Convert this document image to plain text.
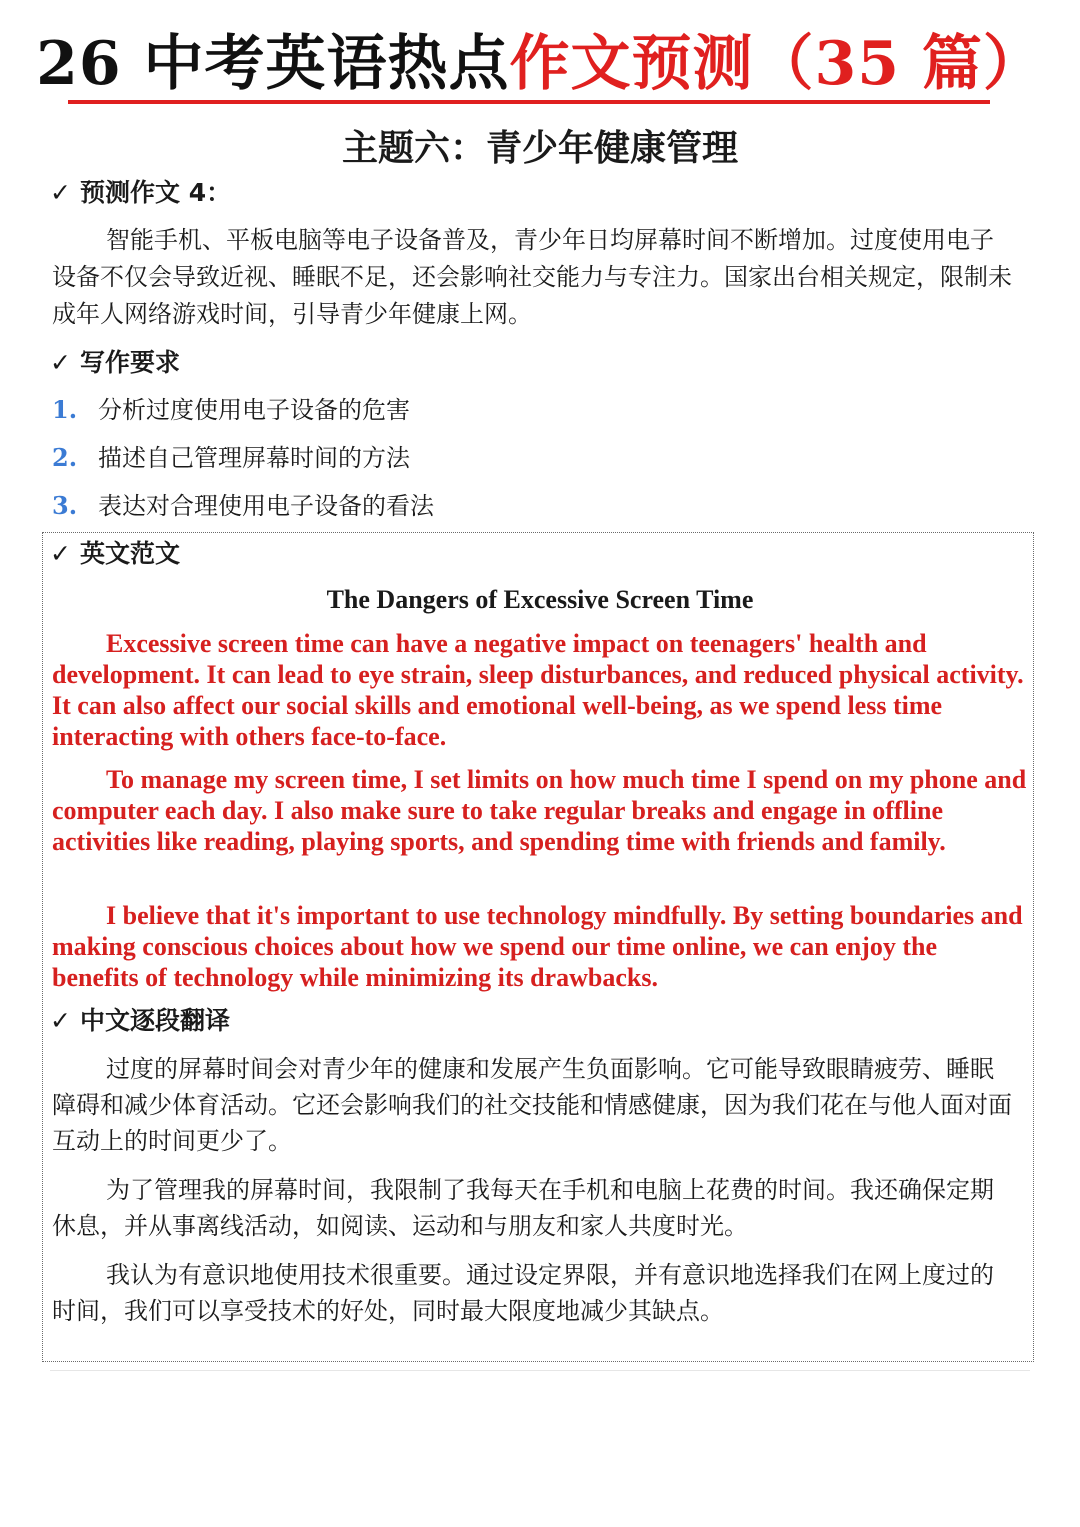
26 中考英语热点作文预测（35 篇）
主题六：青少年健康管理
✓ 预测作文 4：

智能手机、平板电脑等电子设备普及，青少年日均屏幕时间不断增加。过度使用电子设备不仅会导致近视、睡眠不足，还会影响社交能力与专注力。国家出台相关规定，限制未成年人网络游戏时间，引导青少年健康上网。

✓ 写作要求
1. 分析过度使用电子设备的危害
2. 描述自己管理屏幕时间的方法
3. 表达对合理使用电子设备的看法
✓ 英文范文
The Dangers of Excessive Screen Time

Excessive screen time can have a negative impact on teenagers' health and development. It can lead to eye strain, sleep disturbances, and reduced physical activity. It can also affect our social skills and emotional well-being, as we spend less time interacting with others face-to-face.

To manage my screen time, I set limits on how much time I spend on my phone and computer each day. I also make sure to take regular breaks and engage in offline activities like reading, playing sports, and spending time with friends and family.

I believe that it's important to use technology mindfully. By setting boundaries and making conscious choices about how we spend our time online, we can enjoy the benefits of technology while minimizing its drawbacks.

✓ 中文逐段翻译

过度的屏幕时间会对青少年的健康和发展产生负面影响。它可能导致眼睛疲劳、睡眠障碍和减少体育活动。它还会影响我们的社交技能和情感健康，因为我们花在与他人面对面互动上的时间更少了。

为了管理我的屏幕时间，我限制了我每天在手机和电脑上花费的时间。我还确保定期休息，并从事离线活动，如阅读、运动和与朋友和家人共度时光。

我认为有意识地使用技术很重要。通过设定界限，并有意识地选择我们在网上度过的时间，我们可以享受技术的好处，同时最大限度地减少其缺点。
